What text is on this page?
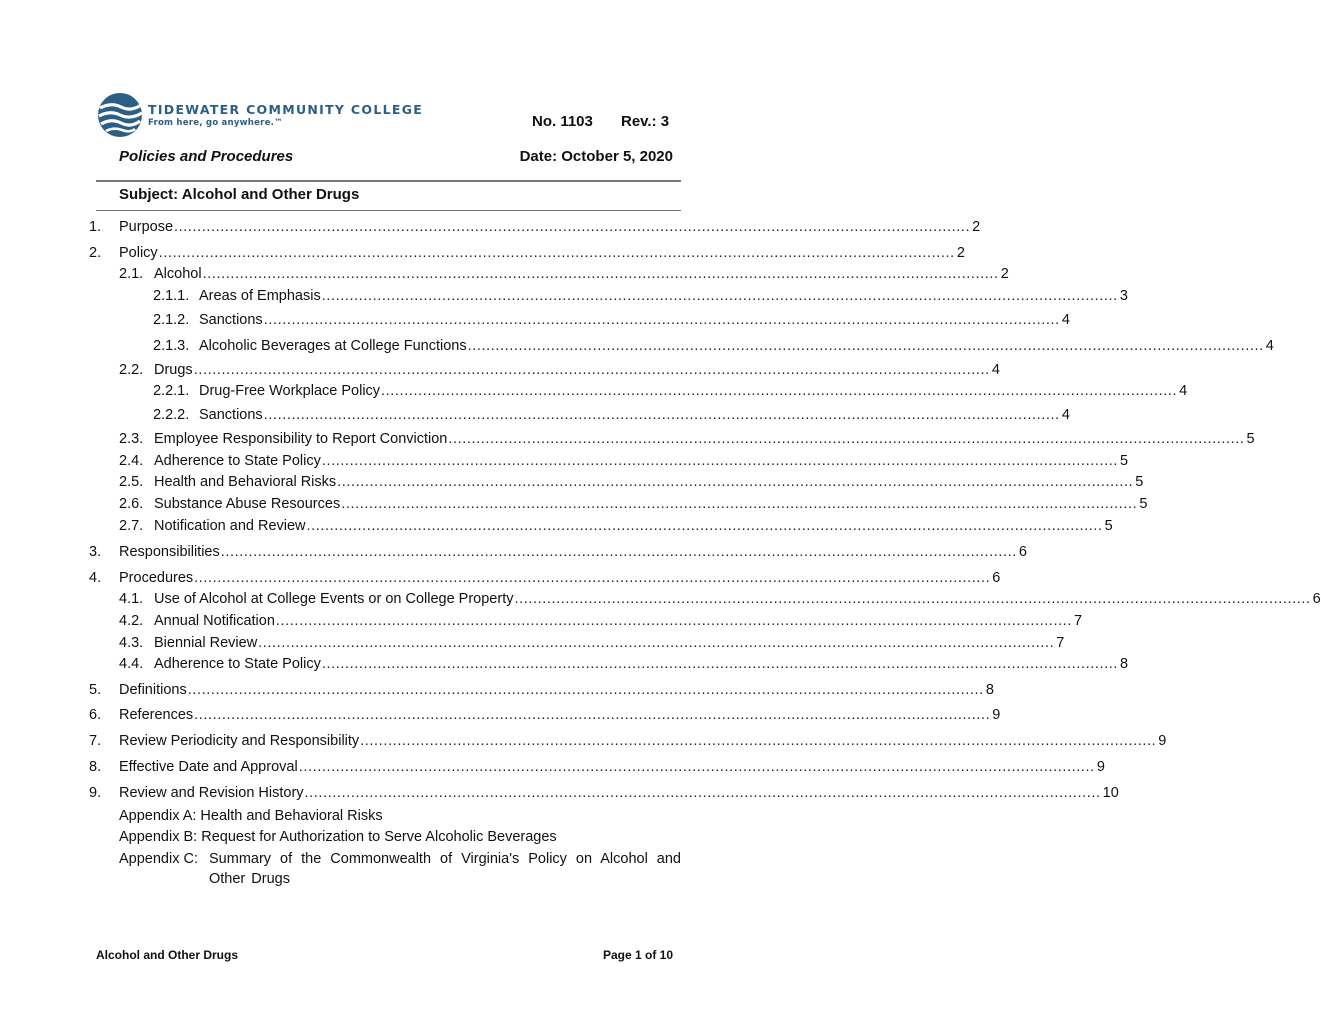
TIDEWATER COMMUNITY COLLEGE
From here, go anywhere.™	No. 1103 Rev.: 3
Policies and Procedures	Date: October 5, 2020
Subject: Alcohol and Other Drugs
1.	Purpose ............................................................................................................................................................................ 2
2.	Policy ............................................................................................................................................................................ 2
2.1. Alcohol ............................................................................................................................................................................ 2
2.1.1. Areas of Emphasis ............................................................................................................................................................................ 3
2.1.2. Sanctions ............................................................................................................................................................................ 4
2.1.3. Alcoholic Beverages at College Functions ............................................................................................................................................................................ 4
2.2. Drugs ............................................................................................................................................................................ 4
2.2.1. Drug-Free Workplace Policy ............................................................................................................................................................................ 4
2.2.2. Sanctions ............................................................................................................................................................................ 4
2.3. Employee Responsibility to Report Conviction ............................................................................................................................................................................ 5
2.4. Adherence to State Policy ............................................................................................................................................................................ 5
2.5. Health and Behavioral Risks ............................................................................................................................................................................ 5
2.6. Substance Abuse Resources ............................................................................................................................................................................ 5
2.7. Notification and Review ............................................................................................................................................................................ 5
3.	Responsibilities ............................................................................................................................................................................ 6
4.	Procedures ............................................................................................................................................................................ 6
4.1. Use of Alcohol at College Events or on College Property ............................................................................................................................................................................ 6
4.2. Annual Notification ............................................................................................................................................................................ 7
4.3. Biennial Review ............................................................................................................................................................................ 7
4.4. Adherence to State Policy ............................................................................................................................................................................ 8
5.	Definitions ............................................................................................................................................................................ 8
6.	References ............................................................................................................................................................................ 9
7.	Review Periodicity and Responsibility ............................................................................................................................................................................ 9
8.	Effective Date and Approval ............................................................................................................................................................................ 9
9.	Review and Revision History ............................................................................................................................................................................ 10
Appendix A: Health and Behavioral Risks
Appendix B: Request for Authorization to Serve Alcoholic Beverages
Appendix C: Summary of the Commonwealth of Virginia's Policy on Alcohol and Other Drugs
Alcohol and Other Drugs	Page 1 of 10
